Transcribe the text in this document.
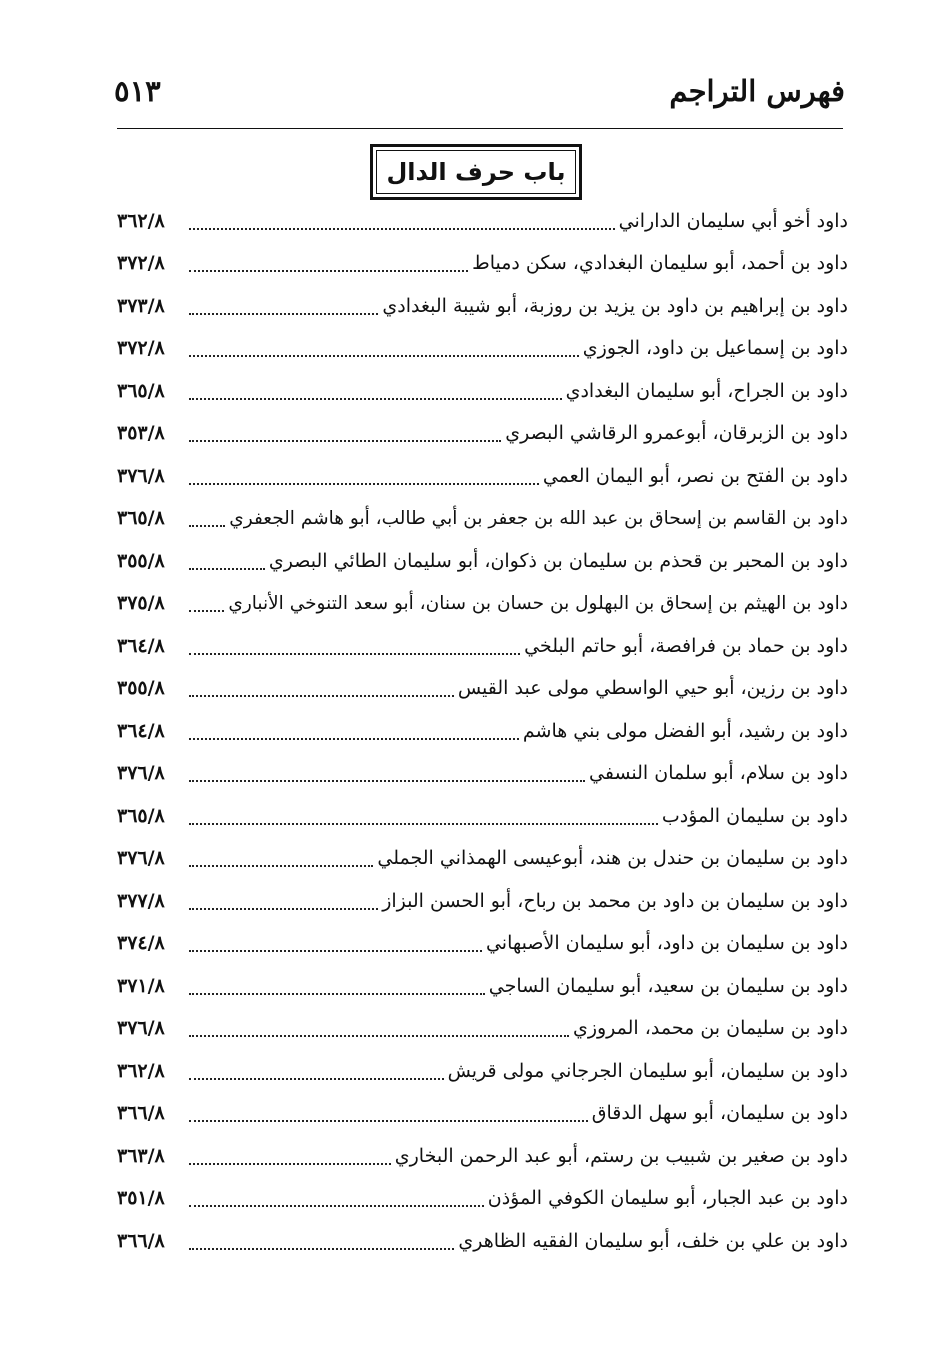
فهرس التراجم
٥١٣
باب حرف الدال
داود أخو أبي سليمان الداراني
٣٦٢/٨
داود بن أحمد، أبو سليمان البغدادي، سكن دمياط
٣٧٢/٨
داود بن إبراهيم بن داود بن يزيد بن روزبة، أبو شيبة البغدادي
٣٧٣/٨
داود بن إسماعيل بن داود، الجوزي
٣٧٢/٨
داود بن الجراح، أبو سليمان البغدادي
٣٦٥/٨
داود بن الزبرقان، أبوعمرو الرقاشي البصري
٣٥٣/٨
داود بن الفتح بن نصر، أبو اليمان العمي
٣٧٦/٨
داود بن القاسم بن إسحاق بن عبد الله بن جعفر بن أبي طالب، أبو هاشم الجعفري
٣٦٥/٨
داود بن المحبر بن قحذم بن سليمان بن ذكوان، أبو سليمان الطائي البصري
٣٥٥/٨
داود بن الهيثم بن إسحاق بن البهلول بن حسان بن سنان، أبو سعد التنوخي الأنباري
٣٧٥/٨
داود بن حماد بن فرافصة، أبو حاتم البلخي
٣٦٤/٨
داود بن رزين، أبو حيي الواسطي مولى عبد القيس
٣٥٥/٨
داود بن رشيد، أبو الفضل مولى بني هاشم
٣٦٤/٨
داود بن سلام، أبو سلمان النسفي
٣٧٦/٨
داود بن سليمان المؤدب
٣٦٥/٨
داود بن سليمان بن حندل بن هند، أبوعيسى الهمذاني الجملي
٣٧٦/٨
داود بن سليمان بن داود بن محمد بن رباح، أبو الحسن البزاز
٣٧٧/٨
داود بن سليمان بن داود، أبو سليمان الأصبهاني
٣٧٤/٨
داود بن سليمان بن سعيد، أبو سليمان الساجي
٣٧١/٨
داود بن سليمان بن محمد، المروزي
٣٧٦/٨
داود بن سليمان، أبو سليمان الجرجاني مولى قريش
٣٦٢/٨
داود بن سليمان، أبو سهل الدقاق
٣٦٦/٨
داود بن صغير بن شبيب بن رستم، أبو عبد الرحمن البخاري
٣٦٣/٨
داود بن عبد الجبار، أبو سليمان الكوفي المؤذن
٣٥١/٨
داود بن علي بن خلف، أبو سليمان الفقيه الظاهري
٣٦٦/٨
